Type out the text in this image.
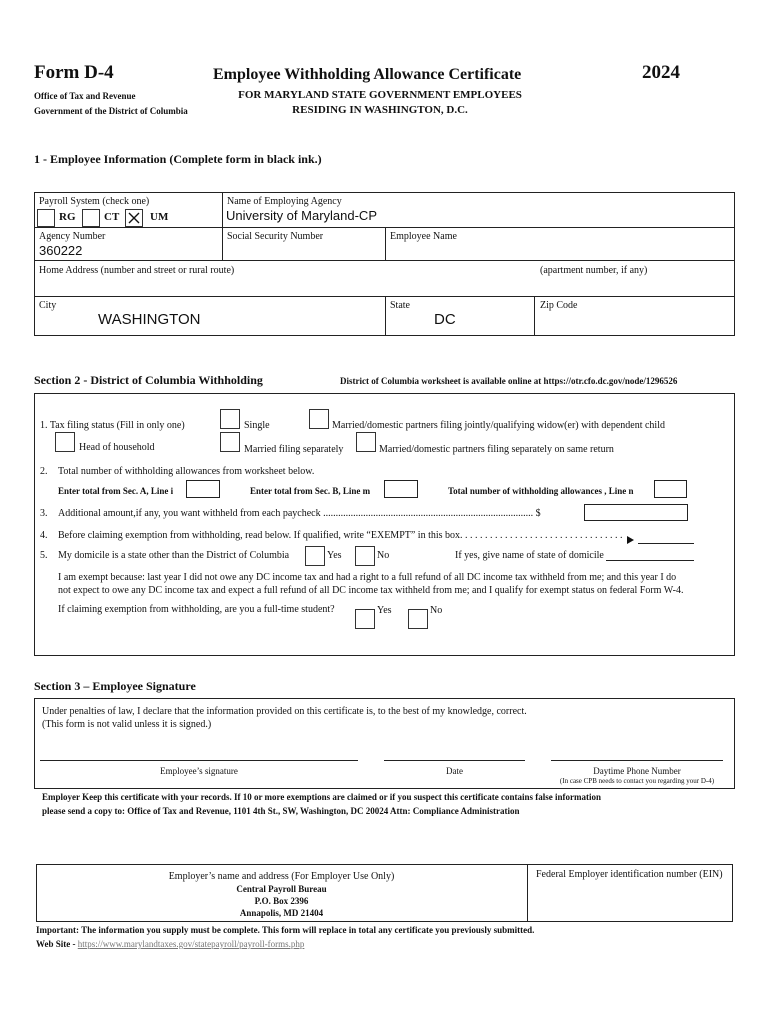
Form D-4
Office of Tax and Revenue
Government of the District of Columbia
Employee Withholding Allowance Certificate	2024
FOR MARYLAND STATE GOVERNMENT EMPLOYEES
RESIDING IN WASHINGTON, D.C.
1 - Employee Information (Complete form in black ink.)
Payroll System (check one)
RG	CT	UM
Name of Employing Agency
University of Maryland-CP
Agency Number
360222
Social Security Number	Employee Name
Home Address (number and street or rural route)	(apartment number, if any)
City
WASHINGTON
State
DC
Zip Code
Section 2 - District of Columbia Withholding	District of Columbia worksheet is available online at https://otr.cfo.dc.gov/node/1296526
1. Tax filing status (Fill in only one)	Single	Married/domestic partners filing jointly/qualifying widow(er) with dependent child
Head of household	Married filing separately	Married/domestic partners filing separately on same return
2. Total number of withholding allowances from worksheet below.
Enter total from Sec. A, Line i	Enter total from Sec. B, Line m	Total number of withholding allowances , Line n
3. Additional amount,if any, you want withheld from each paycheck .................................................................................... $
4. Before claiming exemption from withholding, read below. If qualified, write “EXEMPT” in this box. . . . . . . . . . . . . . . . . . . . . . . . . . . . . . . . .
5. My domicile is a state other than the District of Columbia	Yes	No	If yes, give name of state of domicile
I am exempt because: last year I did not owe any DC income tax and had a right to a full refund of all DC income tax withheld from me; and this year I do
not expect to owe any DC income tax and expect a full refund of all DC income tax withheld from me; and I qualify for exempt status on federal Form W-4.
If claiming exemption from withholding, are you a full-time student?	Yes	No
Section 3 – Employee Signature
Under penalties of law, I declare that the information provided on this certificate is, to the best of my knowledge, correct.
(This form is not valid unless it is signed.)
Employee’s signature	Date	Daytime Phone Number
(In case CPB needs to contact you regarding your D-4)
Employer Keep this certificate with your records. If 10 or more exemptions are claimed or if you suspect this certificate contains false information
please send a copy to: Office of Tax and Revenue, 1101 4th St., SW, Washington, DC 20024 Attn: Compliance Administration
Employer’s name and address (For Employer Use Only)
Central Payroll Bureau
P.O. Box 2396
Annapolis, MD 21404
Federal Employer identification number (EIN)
Important: The information you supply must be complete. This form will replace in total any certificate you previously submitted.
Web Site - https://www.marylandtaxes.gov/statepayroll/payroll-forms.php
